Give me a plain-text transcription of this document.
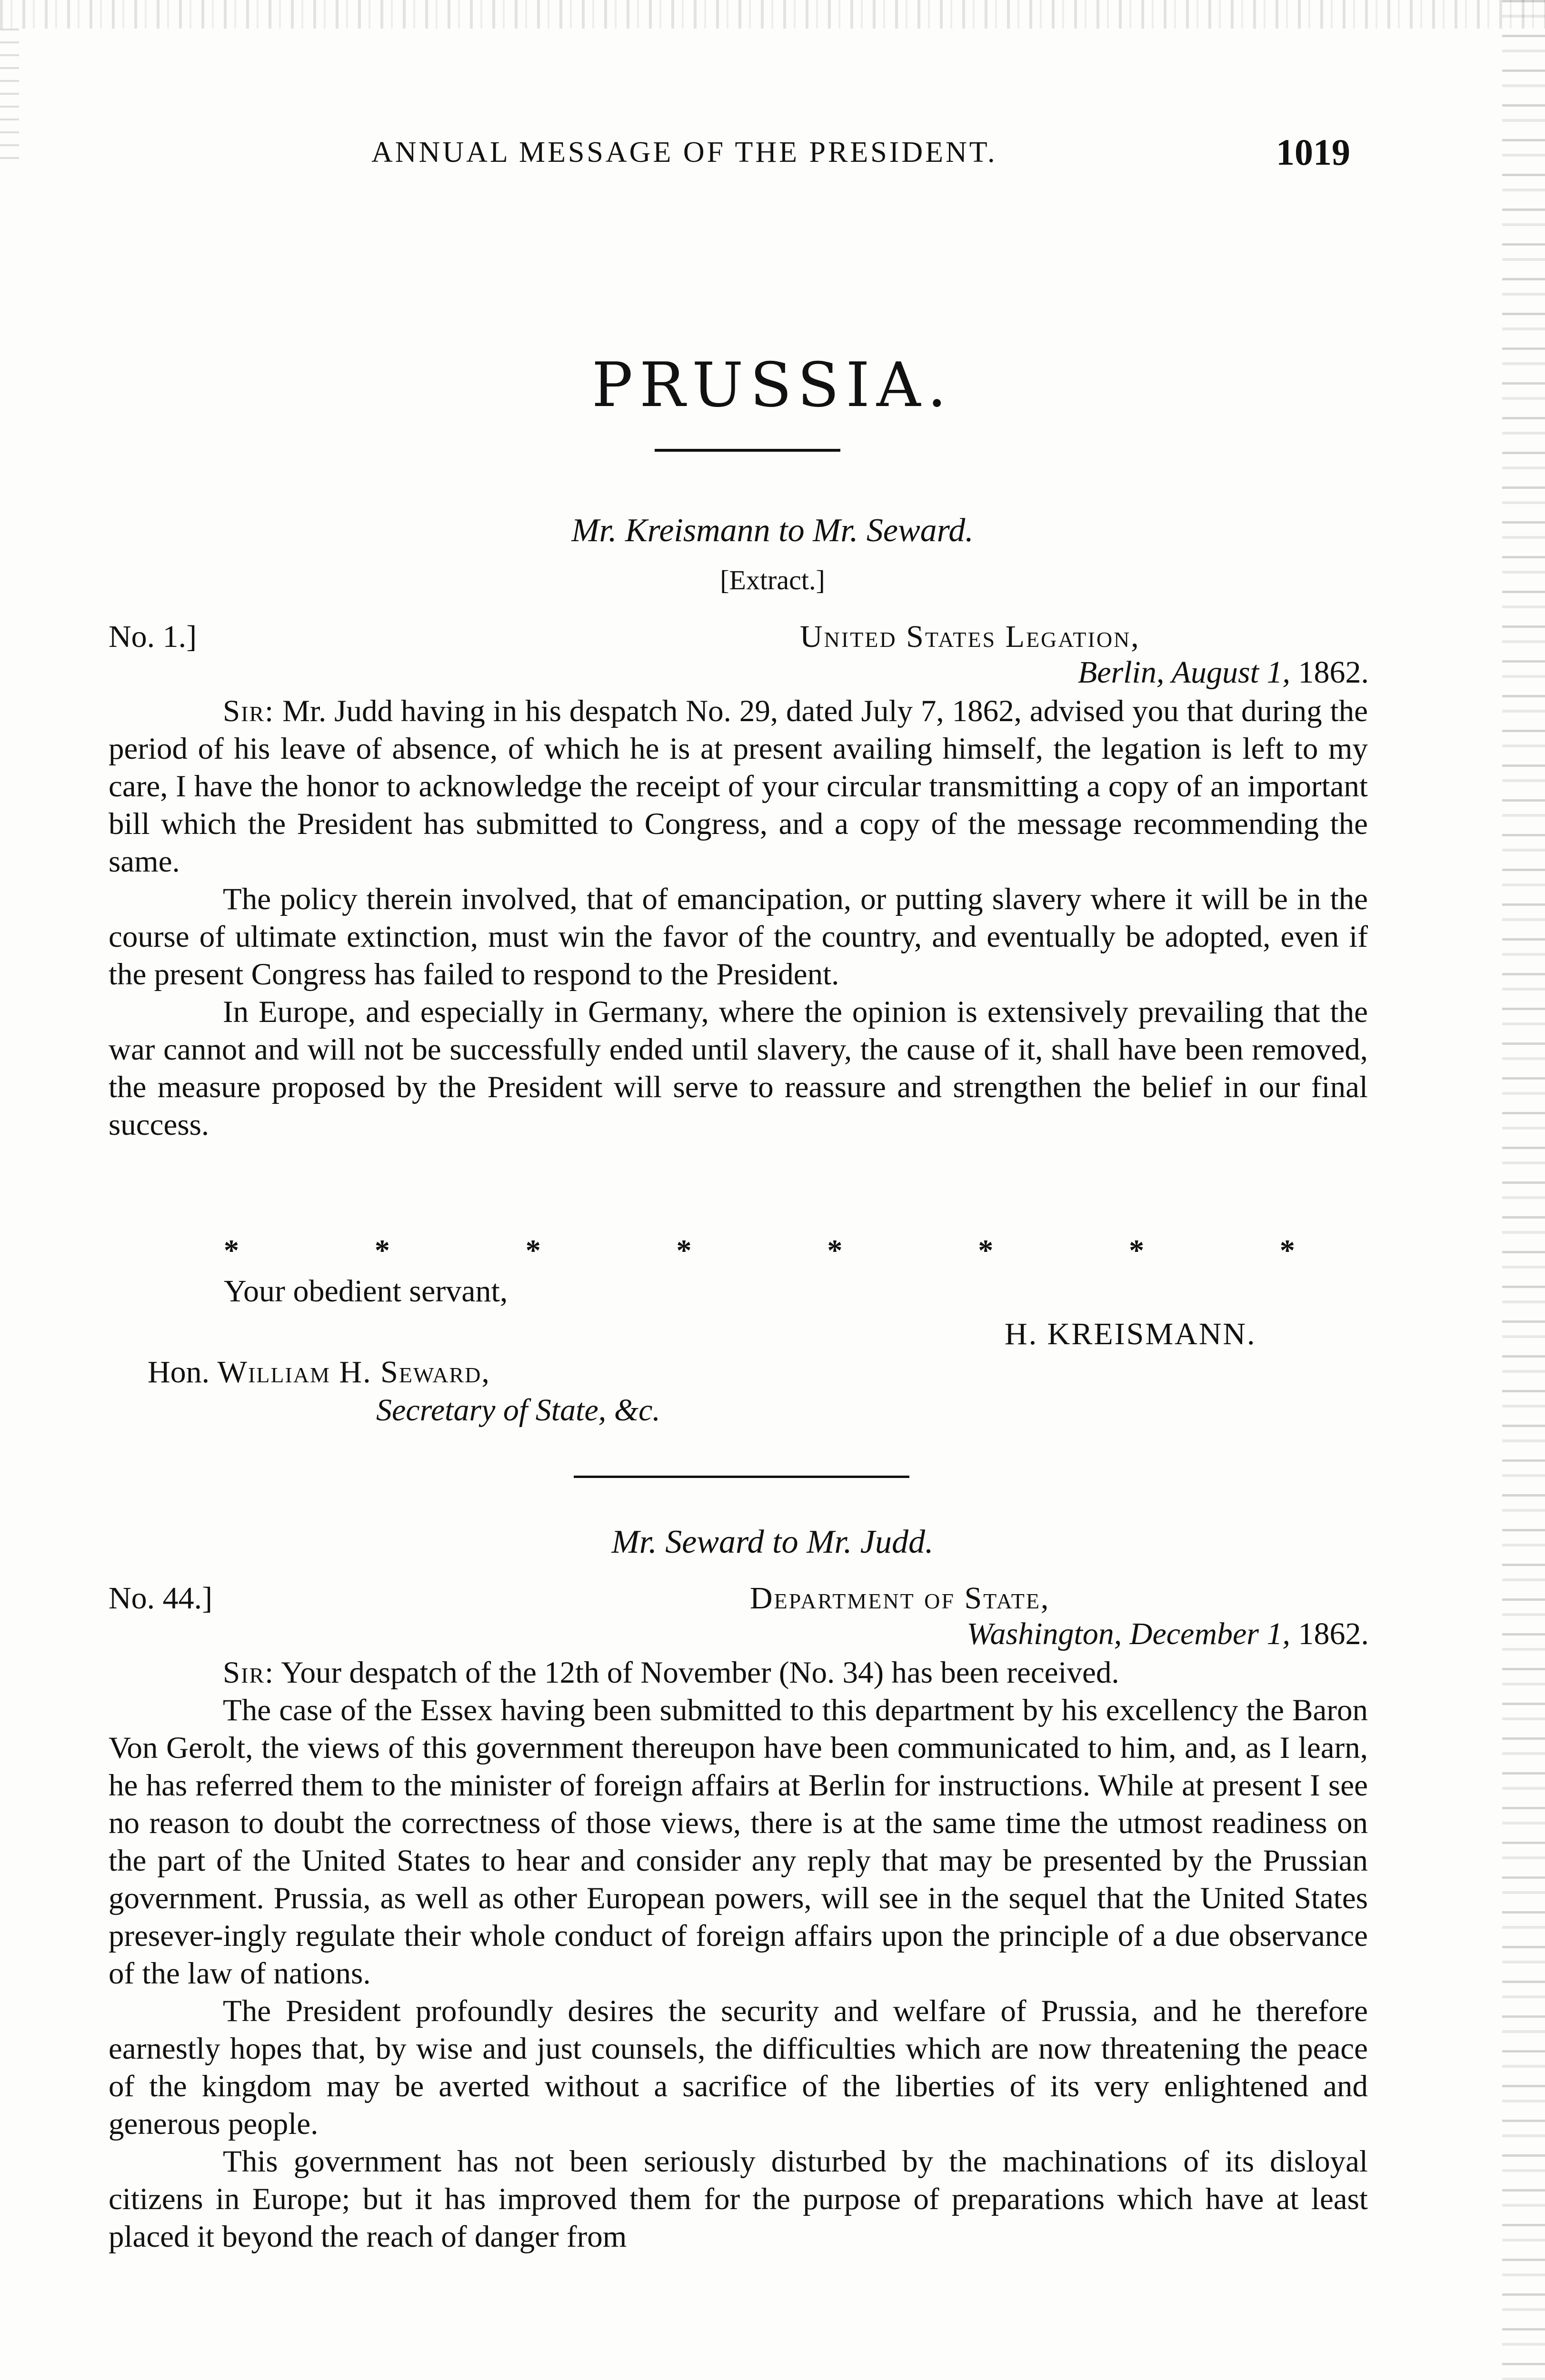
ANNUAL MESSAGE OF THE PRESIDENT.	1019
PRUSSIA.
Mr. Kreismann to Mr. Seward.
[Extract.]
No. 1.]	United States Legation,
Berlin, August 1, 1862.

Sir: Mr. Judd having in his despatch No. 29, dated July 7, 1862, advised you that during the period of his leave of absence, of which he is at present availing himself, the legation is left to my care, I have the honor to acknowledge the receipt of your circular transmitting a copy of an important bill which the President has submitted to Congress, and a copy of the message recommending the same.

The policy therein involved, that of emancipation, or putting slavery where it will be in the course of ultimate extinction, must win the favor of the country, and eventually be adopted, even if the present Congress has failed to respond to the President.

In Europe, and especially in Germany, where the opinion is extensively prevailing that the war cannot and will not be successfully ended until slavery, the cause of it, shall have been removed, the measure proposed by the President will serve to reassure and strengthen the belief in our final success.

*	*	*	*	*	*	*	*
Your obedient servant,
H. KREISMANN.
Hon. William H. Seward,
Secretary of State, &c.
Mr. Seward to Mr. Judd.
No. 44.]	Department of State,
Washington, December 1, 1862.

Sir: Your despatch of the 12th of November (No. 34) has been received.

The case of the Essex having been submitted to this department by his excellency the Baron Von Gerolt, the views of this government thereupon have been communicated to him, and, as I learn, he has referred them to the minister of foreign affairs at Berlin for instructions. While at present I see no reason to doubt the correctness of those views, there is at the same time the utmost readiness on the part of the United States to hear and consider any reply that may be presented by the Prussian government. Prussia, as well as other European powers, will see in the sequel that the United States presever-ingly regulate their whole conduct of foreign affairs upon the principle of a due observance of the law of nations.

The President profoundly desires the security and welfare of Prussia, and he therefore earnestly hopes that, by wise and just counsels, the difficulties which are now threatening the peace of the kingdom may be averted without a sacrifice of the liberties of its very enlightened and generous people.

This government has not been seriously disturbed by the machinations of its disloyal citizens in Europe; but it has improved them for the purpose of preparations which have at least placed it beyond the reach of danger from
